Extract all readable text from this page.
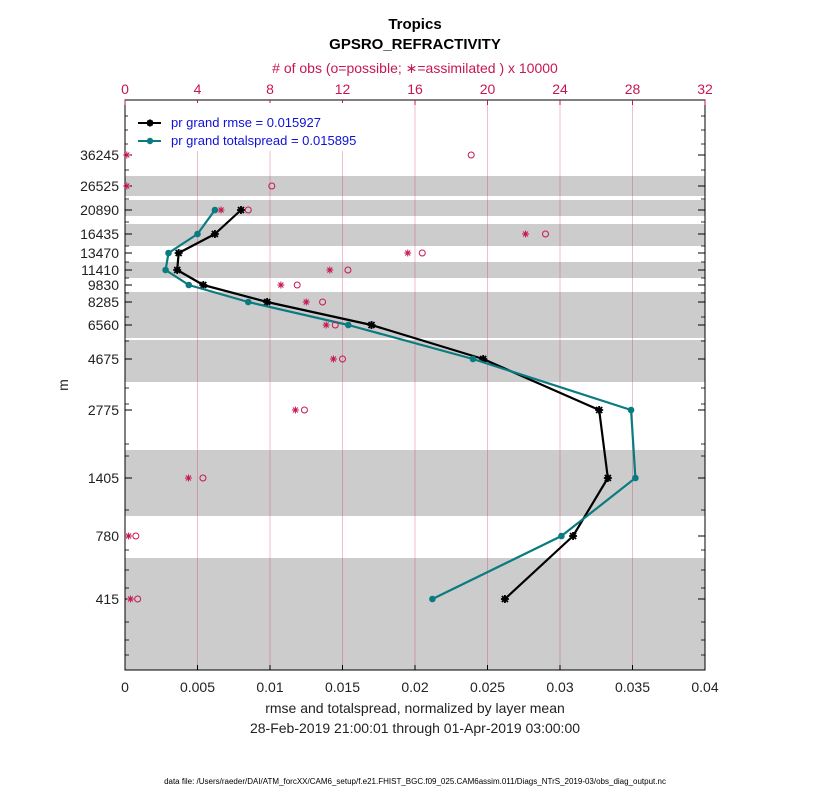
Tropics
GPSRO_REFRACTIVITY
# of obs (o=possible; ∗=assimilated ) x 10000
0	0.005	0.01	0.015	0.02	0.025	0.03	0.035	0.04
0	4	8	12	16	20	24	28	32
415
780
1405
2775
4675
6560
8285
9830
11410
13470
16435
20890
26525
36245
pr grand rmse = 0.015927
pr grand totalspread = 0.015895
m
rmse and totalspread, normalized by layer mean
28-Feb-2019 21:00:01 through 01-Apr-2019 03:00:00
data file: /Users/raeder/DAI/ATM_forcXX/CAM6_setup/f.e21.FHIST_BGC.f09_025.CAM6assim.011/Diags_NTrS_2019-03/obs_diag_output.nc
